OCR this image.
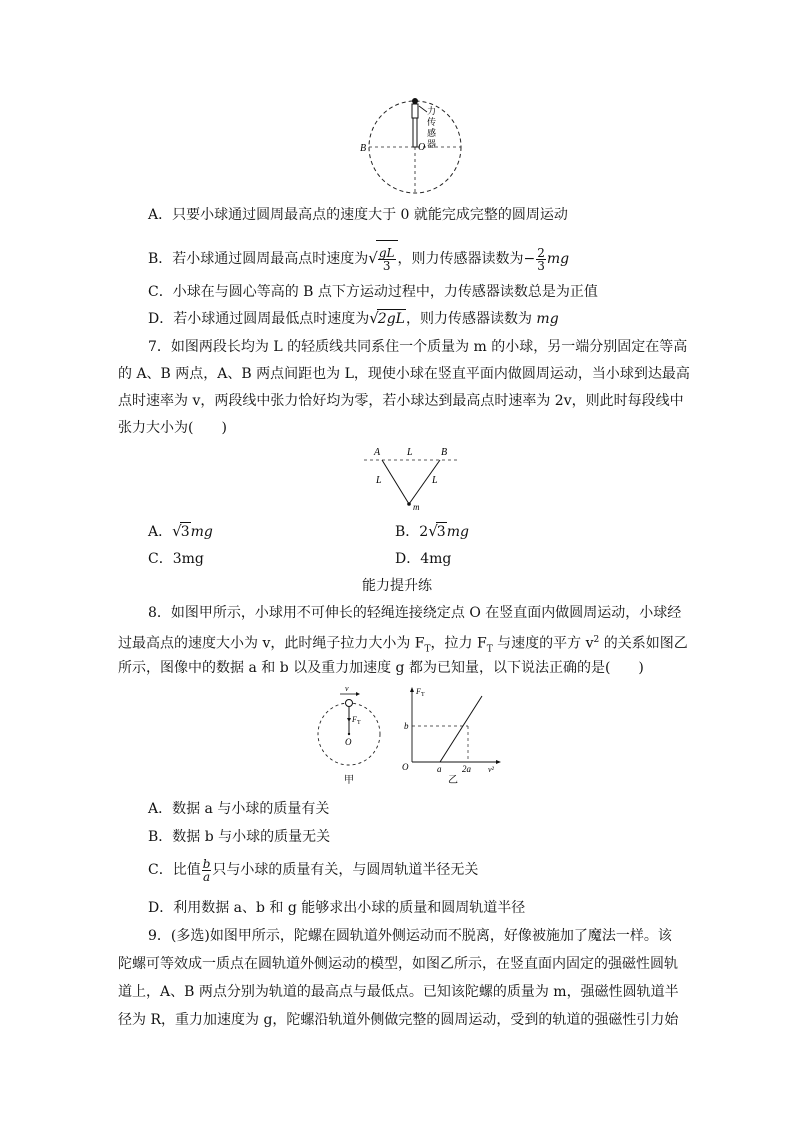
B	O
力
传
感
器
A．只要小球通过圆周最高点的速度大于 0 就能完成完整的圆周运动
B．若小球通过圆周最高点时速度为√ $\frac{gL}{3}$ ，则力传感器读数为− $\frac{2}{3}$ mg
C．小球在与圆心等高的 B 点下方运动过程中，力传感器读数总是为正值
D．若小球通过圆周最低点时速度为√2gL，则力传感器读数为 mg
7．如图两段长均为 L 的轻质线共同系住一个质量为 m 的小球，另一端分别固定在等高
的 A、B 两点，A、B 两点间距也为 L，现使小球在竖直平面内做圆周运动，当小球到达最高
点时速率为 v，两段线中张力恰好均为零，若小球达到最高点时速率为 2v，则此时每段线中
张力大小为(　　)
A	B
L
L	L
m
A．√3mg	B．2√3mg
C．3mg	D．4mg
能力提升练
8．如图甲所示，小球用不可伸长的轻绳连接绕定点 O 在竖直面内做圆周运动，小球经
过最高点的速度大小为 v，此时绳子拉力大小为 $F_T$，拉力 $F_T$ 与速度的平方 $v^2$ 的关系如图乙
所示，图像中的数据 a 和 b 以及重力加速度 g 都为已知量，以下说法正确的是(　　)
v
F T
O
甲
F T
b
O	a 2a v²
乙
A．数据 a 与小球的质量有关
B．数据 b 与小球的质量无关
C．比值 $\frac{b}{a}$ 只与小球的质量有关，与圆周轨道半径无关
D．利用数据 a、b 和 g 能够求出小球的质量和圆周轨道半径
9．(多选)如图甲所示，陀螺在圆轨道外侧运动而不脱离，好像被施加了魔法一样。该
陀螺可等效成一质点在圆轨道外侧运动的模型，如图乙所示，在竖直面内固定的强磁性圆轨
道上，A、B 两点分别为轨道的最高点与最低点。已知该陀螺的质量为 m，强磁性圆轨道半
径为 R，重力加速度为 g，陀螺沿轨道外侧做完整的圆周运动，受到的轨道的强磁性引力始
